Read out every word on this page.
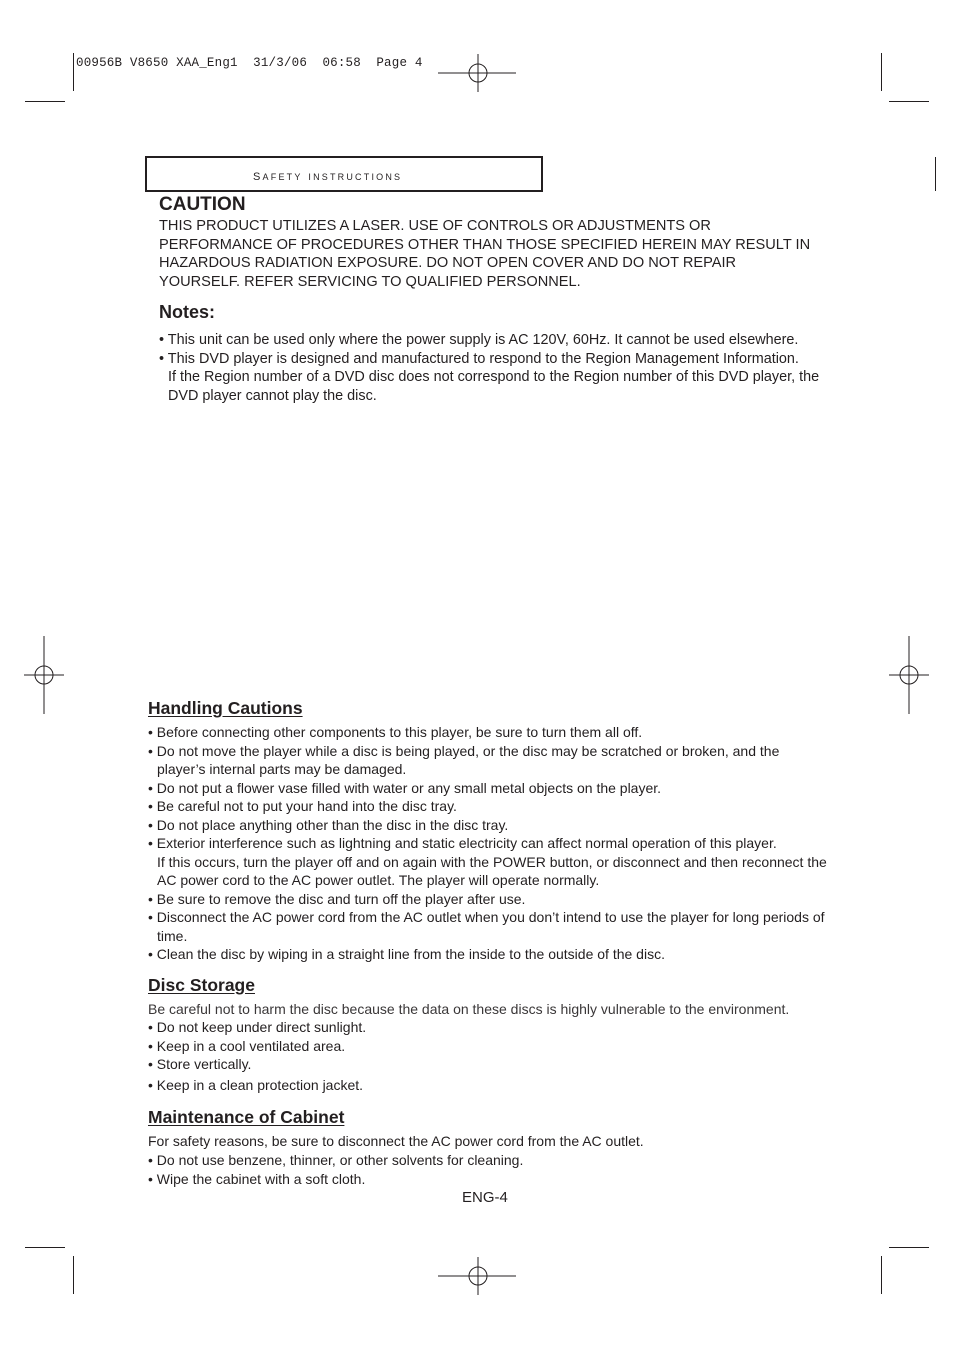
00956B V8650 XAA_Eng1  31/3/06  06:58  Page 4
safety instructions
CAUTION
THIS PRODUCT UTILIZES A LASER. USE OF CONTROLS OR ADJUSTMENTS OR PERFORMANCE OF PROCEDURES OTHER THAN THOSE SPECIFIED HEREIN MAY RESULT IN HAZARDOUS RADIATION EXPOSURE. DO NOT OPEN COVER AND DO NOT REPAIR YOURSELF. REFER SERVICING TO QUALIFIED PERSONNEL.
Notes:
• This unit can be used only where the power supply is AC 120V, 60Hz. It cannot be used elsewhere.
• This DVD player is designed and manufactured to respond to the Region Management Information.
If the Region number of a DVD disc does not correspond to the Region number of this DVD player, the DVD player cannot play the disc.
Handling Cautions
• Before connecting other components to this player, be sure to turn them all off.
• Do not move the player while a disc is being played, or the disc may be scratched or broken, and the player’s internal parts may be damaged.
• Do not put a flower vase filled with water or any small metal objects on the player.
• Be careful not to put your hand into the disc tray.
• Do not place anything other than the disc in the disc tray.
• Exterior interference such as lightning and static electricity can affect normal operation of this player.
If this occurs, turn the player off and on again with the POWER button, or disconnect and then reconnect the AC power cord to the AC power outlet. The player will operate normally.
• Be sure to remove the disc and turn off the player after use.
• Disconnect the AC power cord from the AC outlet when you don’t intend to use the player for long periods of time.
• Clean the disc by wiping in a straight line from the inside to the outside of the disc.
Disc Storage
Be careful not to harm the disc because the data on these discs is highly vulnerable to the environment.
• Do not keep under direct sunlight.
• Keep in a cool ventilated area.
• Store vertically.
• Keep in a clean protection jacket.
Maintenance of Cabinet
For safety reasons, be sure to disconnect the AC power cord from the AC outlet.
• Do not use benzene, thinner, or other solvents for cleaning.
• Wipe the cabinet with a soft cloth.
ENG-4
